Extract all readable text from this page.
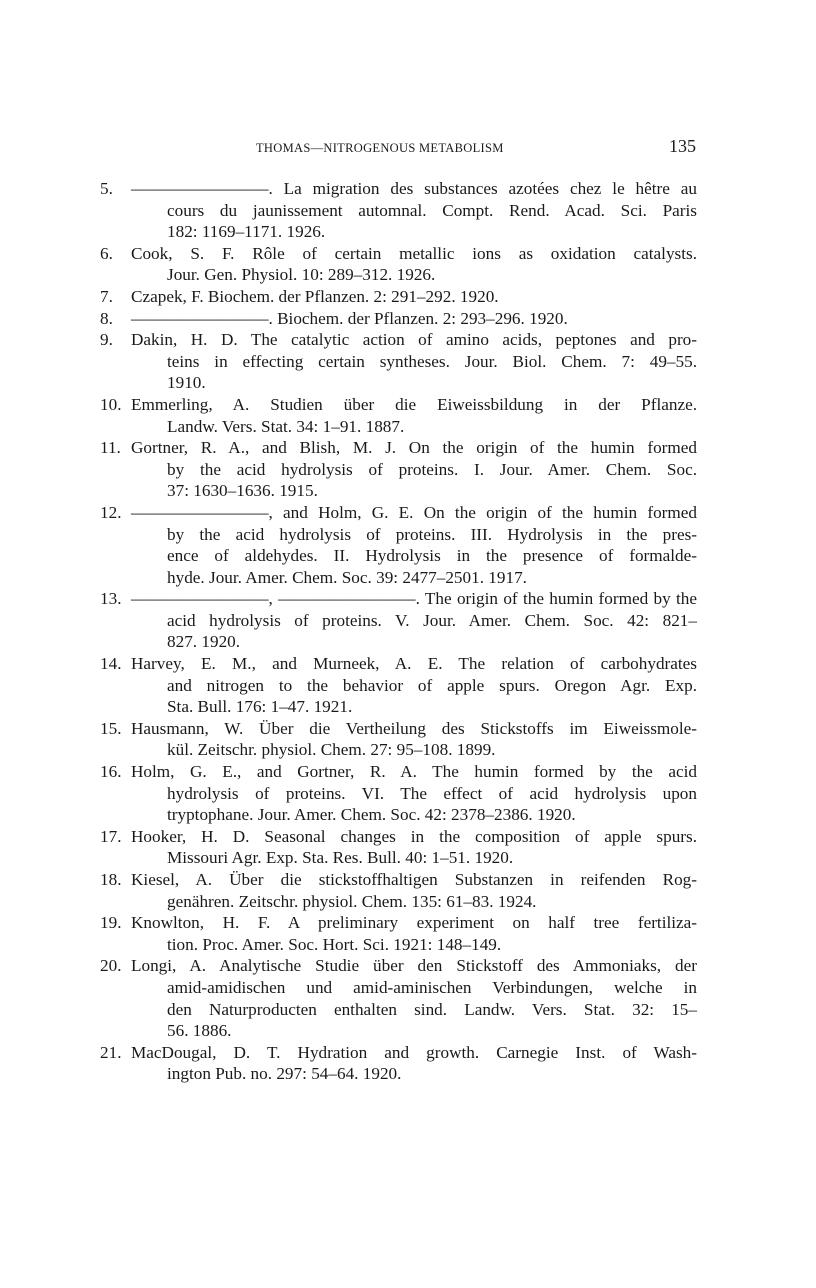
THOMAS—NITROGENOUS METABOLISM	135
5.	————————. La migration des substances azotées chez le hêtre au
cours du jaunissement automnal. Compt. Rend. Acad. Sci. Paris
182: 1169–1171. 1926.
6.	Cook, S. F. Rôle of certain metallic ions as oxidation catalysts.
Jour. Gen. Physiol. 10: 289–312. 1926.
7.	Czapek, F. Biochem. der Pflanzen. 2: 291–292. 1920.
8.	————————. Biochem. der Pflanzen. 2: 293–296. 1920.
9.	Dakin, H. D. The catalytic action of amino acids, peptones and pro-
teins in effecting certain syntheses. Jour. Biol. Chem. 7: 49–55.
1910.
10. Emmerling, A. Studien über die Eiweissbildung in der Pflanze.
Landw. Vers. Stat. 34: 1–91. 1887.
11. Gortner, R. A., and Blish, M. J. On the origin of the humin formed
by the acid hydrolysis of proteins. I. Jour. Amer. Chem. Soc.
37: 1630–1636. 1915.
12. ————————, and Holm, G. E. On the origin of the humin formed
by the acid hydrolysis of proteins. III. Hydrolysis in the pres-
ence of aldehydes. II. Hydrolysis in the presence of formalde-
hyde. Jour. Amer. Chem. Soc. 39: 2477–2501. 1917.
13. ————————, ————————. The origin of the humin formed by the
acid hydrolysis of proteins. V. Jour. Amer. Chem. Soc. 42: 821–
827. 1920.
14. Harvey, E. M., and Murneek, A. E. The relation of carbohydrates
and nitrogen to the behavior of apple spurs. Oregon Agr. Exp.
Sta. Bull. 176: 1–47. 1921.
15. Hausmann, W. Über die Vertheilung des Stickstoffs im Eiweissmole-
kül. Zeitschr. physiol. Chem. 27: 95–108. 1899.
16. Holm, G. E., and Gortner, R. A. The humin formed by the acid
hydrolysis of proteins. VI. The effect of acid hydrolysis upon
tryptophane. Jour. Amer. Chem. Soc. 42: 2378–2386. 1920.
17. Hooker, H. D. Seasonal changes in the composition of apple spurs.
Missouri Agr. Exp. Sta. Res. Bull. 40: 1–51. 1920.
18. Kiesel, A. Über die stickstoffhaltigen Substanzen in reifenden Rog-
genähren. Zeitschr. physiol. Chem. 135: 61–83. 1924.
19. Knowlton, H. F. A preliminary experiment on half tree fertiliza-
tion. Proc. Amer. Soc. Hort. Sci. 1921: 148–149.
20. Longi, A. Analytische Studie über den Stickstoff des Ammoniaks, der
amid-amidischen und amid-aminischen Verbindungen, welche in
den Naturproducten enthalten sind. Landw. Vers. Stat. 32: 15–
56. 1886.
21. MacDougal, D. T. Hydration and growth. Carnegie Inst. of Wash-
ington Pub. no. 297: 54–64. 1920.
